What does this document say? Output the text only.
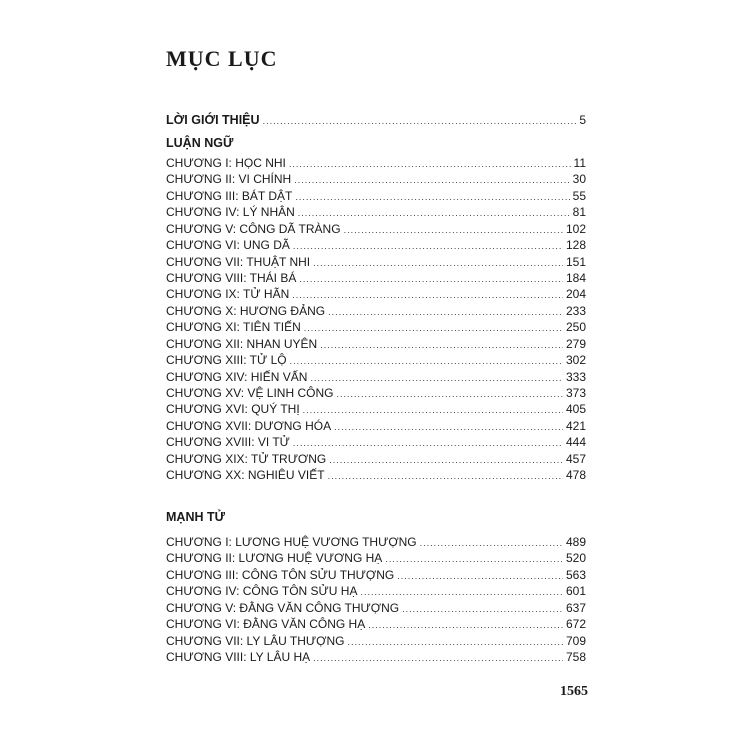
MỤC LỤC
LỜI GIỚI THIỆU .....	5
LUẬN NGỮ
CHƯƠNG I: HỌC NHI .....	11
CHƯƠNG II: VI CHÍNH .....	30
CHƯƠNG III: BÁT DẬT .....	55
CHƯƠNG IV: LÝ NHÂN .....	81
CHƯƠNG V: CÔNG DÃ TRÀNG .....	102
CHƯƠNG VI: UNG DÃ .....	128
CHƯƠNG VII: THUẬT NHI .....	151
CHƯƠNG VIII: THÁI BÁ .....	184
CHƯƠNG IX: TỬ HÃN .....	204
CHƯƠNG X: HƯƠNG ĐẢNG .....	233
CHƯƠNG XI: TIÊN TIẾN .....	250
CHƯƠNG XII: NHAN UYÊN .....	279
CHƯƠNG XIII: TỬ LỘ .....	302
CHƯƠNG XIV: HIẾN VẤN .....	333
CHƯƠNG XV: VỆ LINH CÔNG .....	373
CHƯƠNG XVI: QUÝ THỊ .....	405
CHƯƠNG XVII: DƯƠNG HÓA .....	421
CHƯƠNG XVIII: VI TỬ .....	444
CHƯƠNG XIX: TỬ TRƯƠNG .....	457
CHƯƠNG XX: NGHIÊU VIẾT .....	478
MẠNH TỬ
CHƯƠNG I: LƯƠNG HUỆ VƯƠNG THƯỢNG .....	489
CHƯƠNG II: LƯƠNG HUỆ VƯƠNG HẠ .....	520
CHƯƠNG III: CÔNG TÔN SỬU THƯỢNG .....	563
CHƯƠNG IV: CÔNG TÔN SỬU HẠ .....	601
CHƯƠNG V: ĐẰNG VĂN CÔNG THƯỢNG .....	637
CHƯƠNG VI: ĐẰNG VĂN CÔNG HẠ .....	672
CHƯƠNG VII: LY LÂU THƯỢNG .....	709
CHƯƠNG VIII: LY LÂU HẠ .....	758
1565
